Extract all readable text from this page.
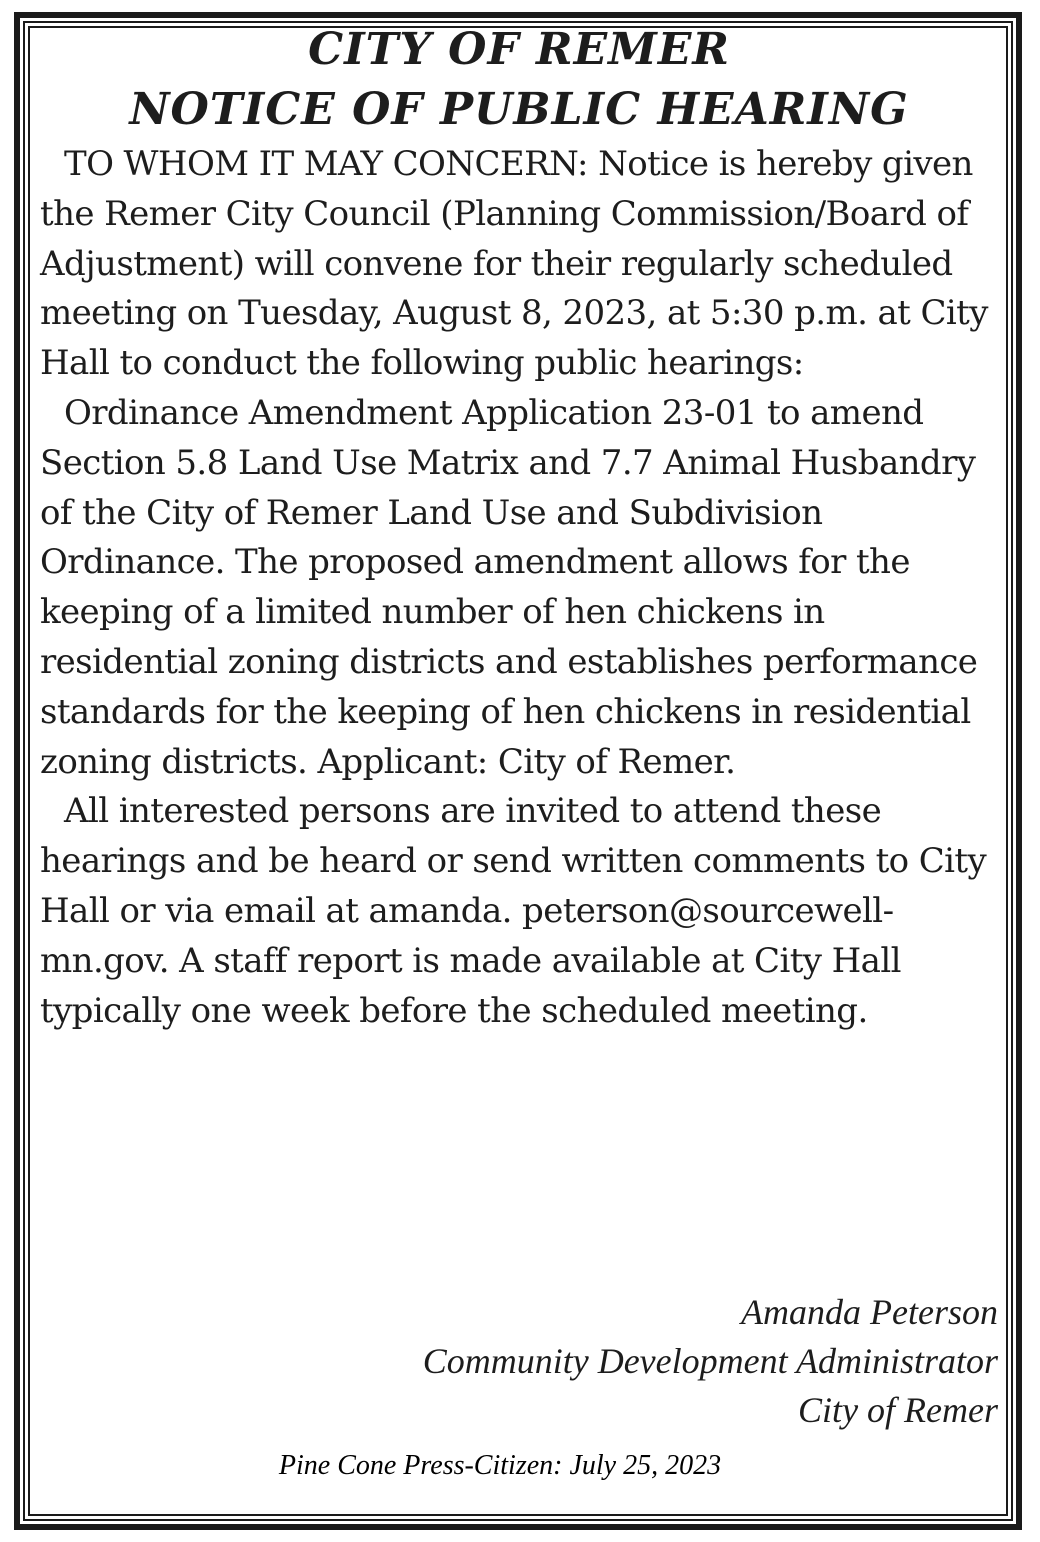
CITY OF REMER
NOTICE OF PUBLIC HEARING

TO WHOM IT MAY CONCERN: Notice is hereby given the Remer City Council (Planning Commission/Board of Adjustment) will convene for their regularly scheduled meeting on Tuesday, August 8, 2023, at 5:30 p.m. at City Hall to conduct the following public hearings:

Ordinance Amendment Application 23-01 to amend Section 5.8 Land Use Matrix and 7.7 Animal Husbandry of the City of Remer Land Use and Subdivision Ordinance. The proposed amendment allows for the keeping of a limited number of hen chickens in residential zoning districts and establishes performance standards for the keeping of hen chickens in residential zoning districts. Applicant: City of Remer.

All interested persons are invited to attend these hearings and be heard or send written comments to City Hall or via email at amanda. peterson@sourcewell-mn.gov. A staff report is made available at City Hall typically one week before the scheduled meeting.

Amanda Peterson
Community Development Administrator
City of Remer
Pine Cone Press-Citizen: July 25, 2023
